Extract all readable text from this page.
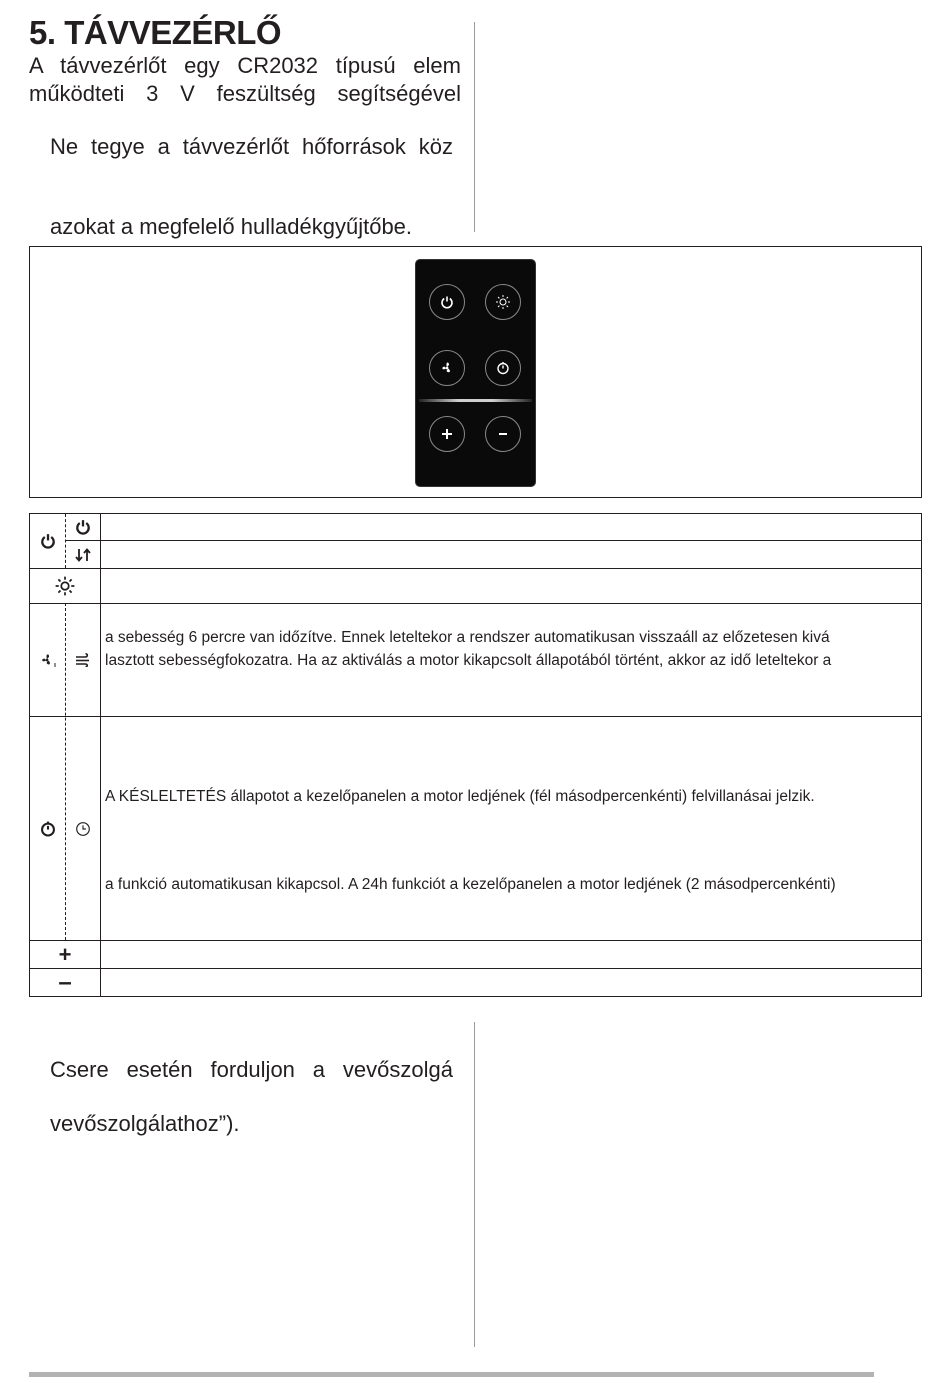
5. TÁVVEZÉRLŐ
A távvezérlőt egy CR2032 típusú elem
működteti 3 V feszültség segítségével
Ne tegye a távvezérlőt hőforrások köz
azokat a megfelelő hulladékgyűjtőbe.
a sebesség 6 percre van időzítve. Ennek leteltekor a rendszer automatikusan visszaáll az előzetesen kivá
lasztott sebességfokozatra. Ha az aktiválás a motor kikapcsolt állapotából történt, akkor az idő leteltekor a
A KÉSLELTETÉS állapotot a kezelőpanelen a motor ledjének (fél másodpercenkénti) felvillanásai jelzik.
a funkció automatikusan kikapcsol. A 24h funkciót a kezelőpanelen a motor ledjének (2 másodpercenkénti)
+
–
Csere esetén forduljon a vevőszolgá
vevőszolgálathoz”).
